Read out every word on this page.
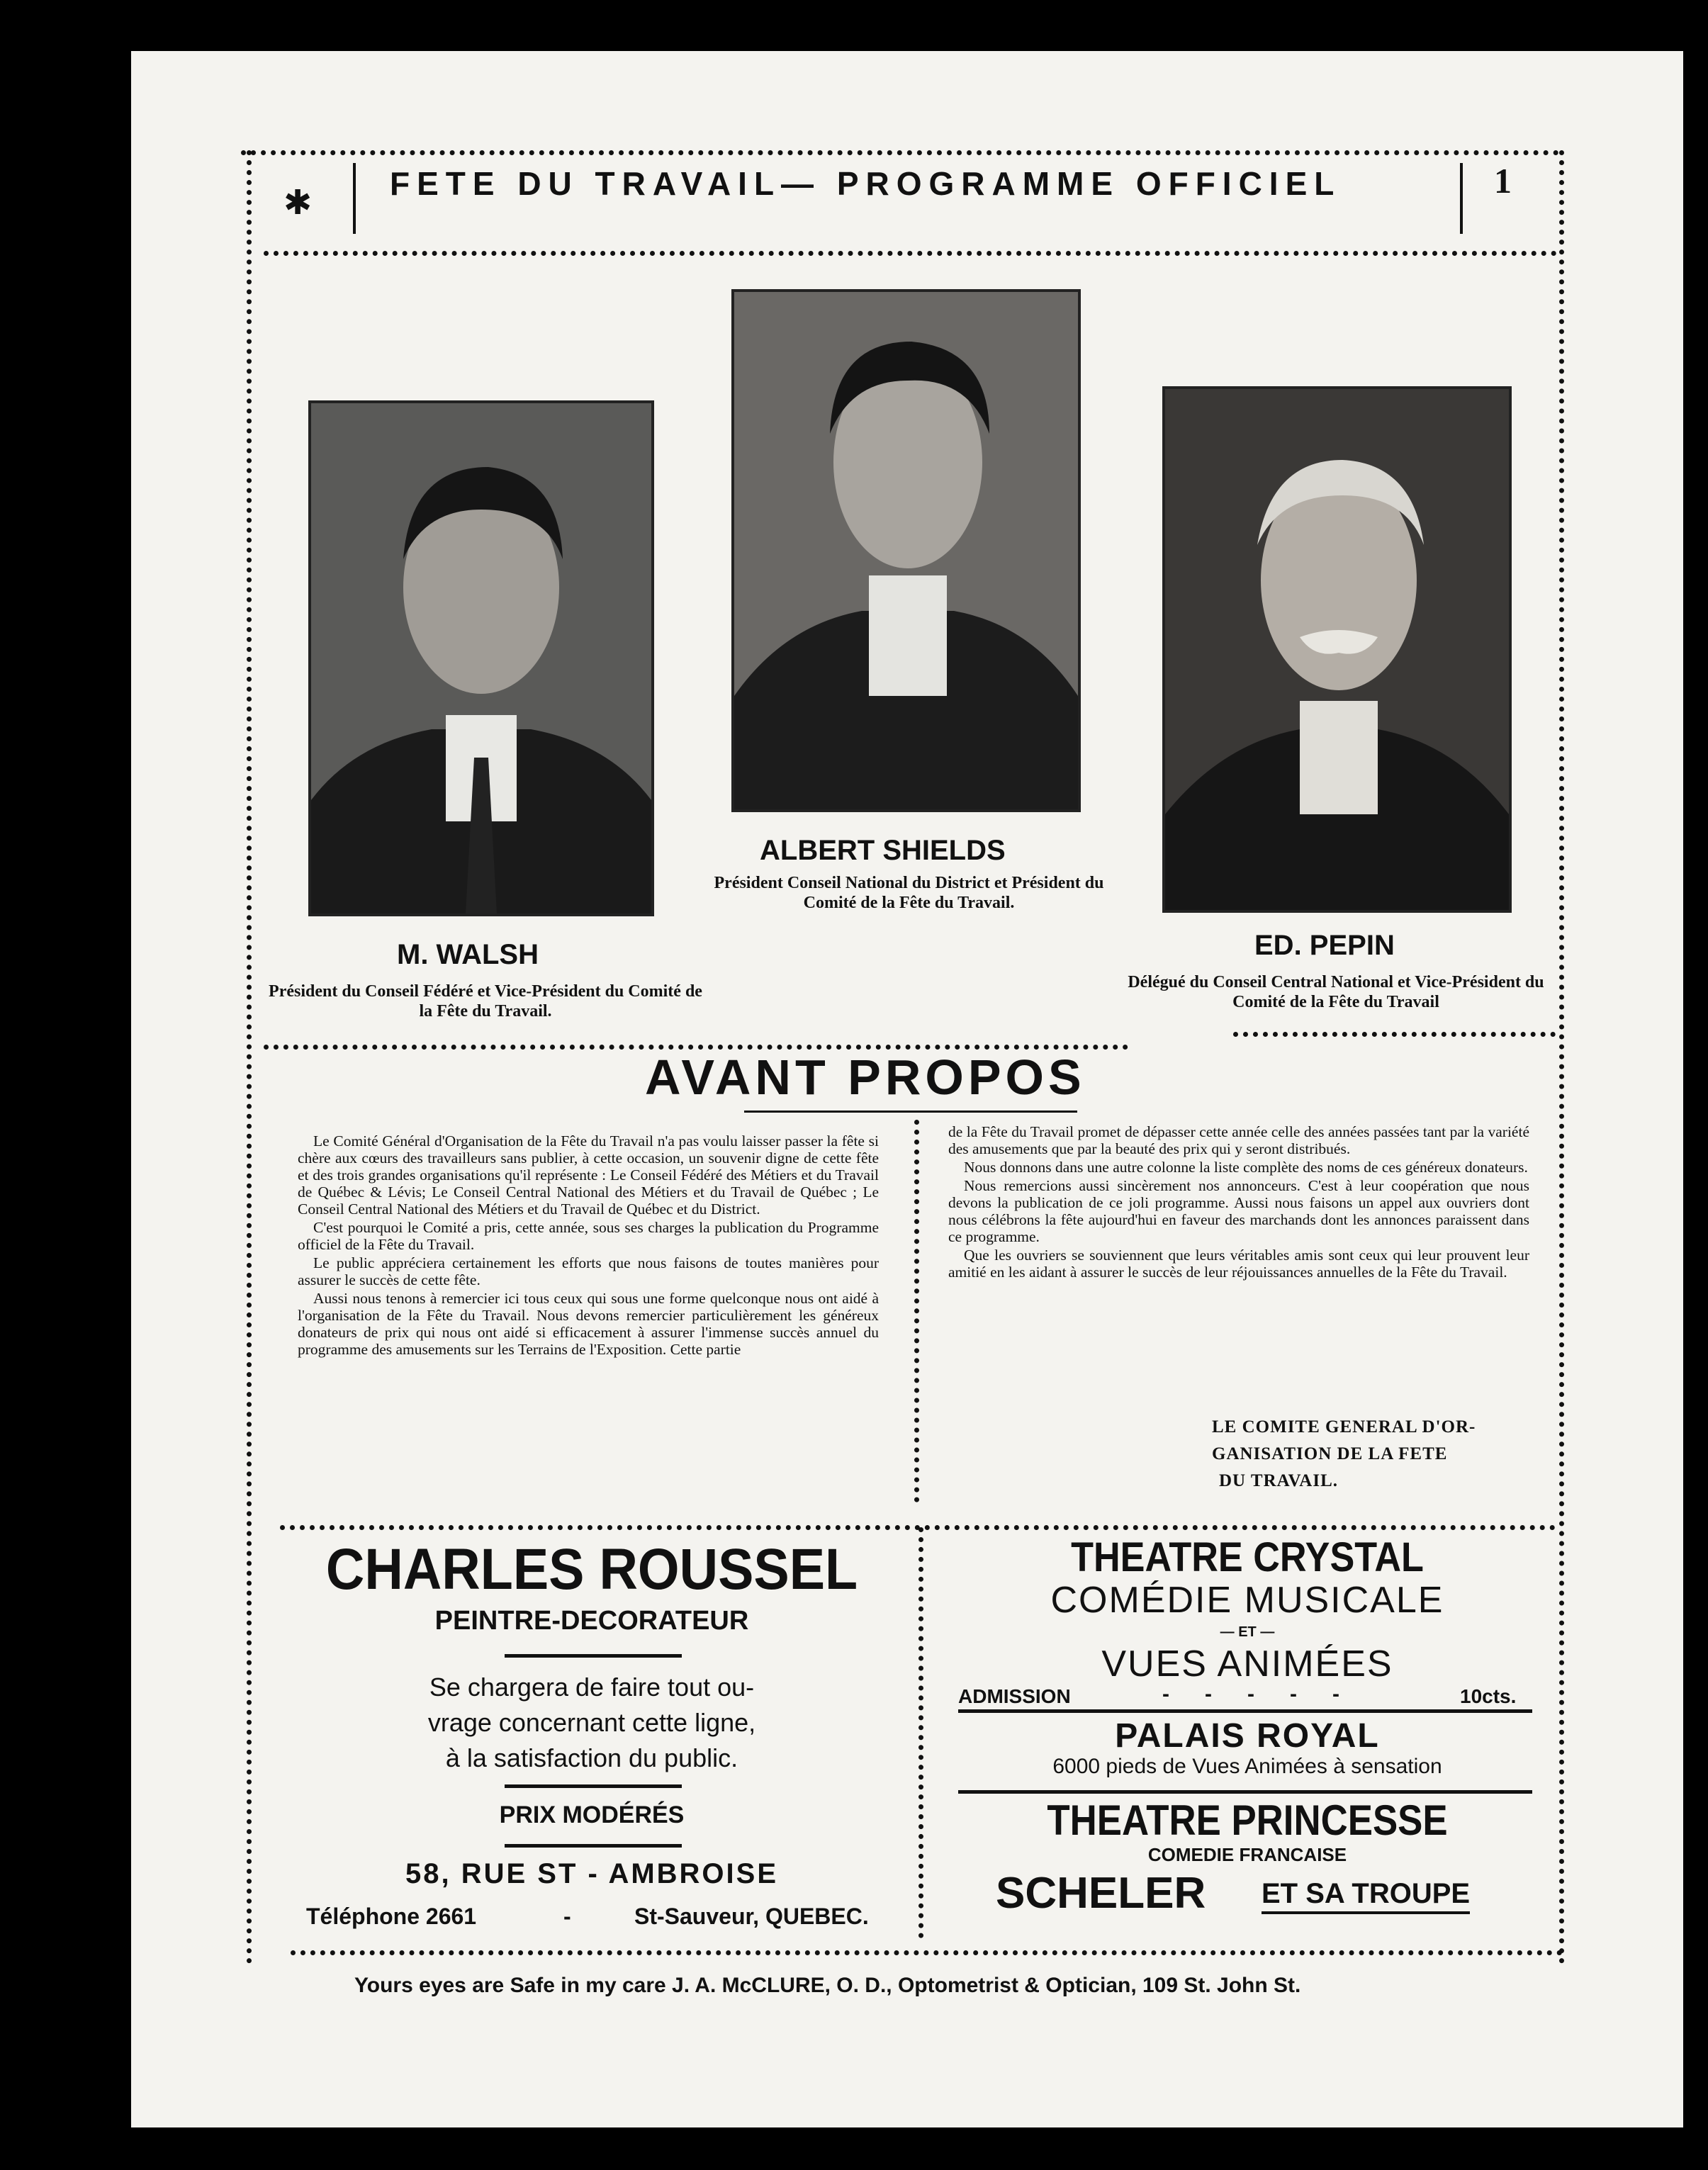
✱
FETE DU TRAVAIL— PROGRAMME OFFICIEL	1
M. WALSH
Président du Conseil Fédéré et Vice-Président du Comité de la Fête du Travail.
ALBERT SHIELDS
Président Conseil National du District et Président du Comité de la Fête du Travail.
ED. PEPIN
Délégué du Conseil Central National et Vice-Président du Comité de la Fête du Travail
AVANT PROPOS

Le Comité Général d'Organisation de la Fête du Travail n'a pas voulu laisser passer la fête si chère aux cœurs des travailleurs sans publier, à cette occasion, un souvenir digne de cette fête et des trois grandes organisations qu'il représente : Le Conseil Fédéré des Métiers et du Travail de Québec & Lévis; Le Conseil Central National des Métiers et du Travail de Québec ; Le Conseil Central National des Métiers et du Travail de Québec et du District.

C'est pourquoi le Comité a pris, cette année, sous ses charges la publication du Programme officiel de la Fête du Travail.

Le public appréciera certainement les efforts que nous faisons de toutes manières pour assurer le succès de cette fête.

Aussi nous tenons à remercier ici tous ceux qui sous une forme quelconque nous ont aidé à l'organisation de la Fête du Travail. Nous devons remercier particulièrement les généreux donateurs de prix qui nous ont aidé si efficacement à assurer l'immense succès annuel du programme des amusements sur les Terrains de l'Exposition. Cette partie

de la Fête du Travail promet de dépasser cette année celle des années passées tant par la variété des amusements que par la beauté des prix qui y seront distribués.

Nous donnons dans une autre colonne la liste complète des noms de ces généreux donateurs.

Nous remercions aussi sincèrement nos annonceurs. C'est à leur coopération que nous devons la publication de ce joli programme. Aussi nous faisons un appel aux ouvriers dont nous célébrons la fête aujourd'hui en faveur des marchands dont les annonces paraissent dans ce programme.

Que les ouvriers se souviennent que leurs véritables amis sont ceux qui leur prouvent leur amitié en les aidant à assurer le succès de leur réjouissances annuelles de la Fête du Travail.

LE COMITE GENERAL D'OR-
GANISATION DE LA FETE
DU TRAVAIL.
CHARLES ROUSSEL
PEINTRE-DECORATEUR
Se chargera de faire tout ou-
vrage concernant cette ligne,
à la satisfaction du public.
PRIX MODÉRÉS
58, RUE ST - AMBROISE
Téléphone 2661	-	St-Sauveur, QUEBEC.
THEATRE CRYSTAL
COMÉDIE MUSICALE
— ET —
VUES ANIMÉES
ADMISSION	-      -      -      -      -	10cts.
PALAIS ROYAL
6000 pieds de Vues Animées à sensation
THEATRE PRINCESSE
COMEDIE FRANCAISE
SCHELER ET SA TROUPE
Yours eyes are Safe in my care J. A. McCLURE, O. D., Optometrist & Optician, 109 St. John St.
